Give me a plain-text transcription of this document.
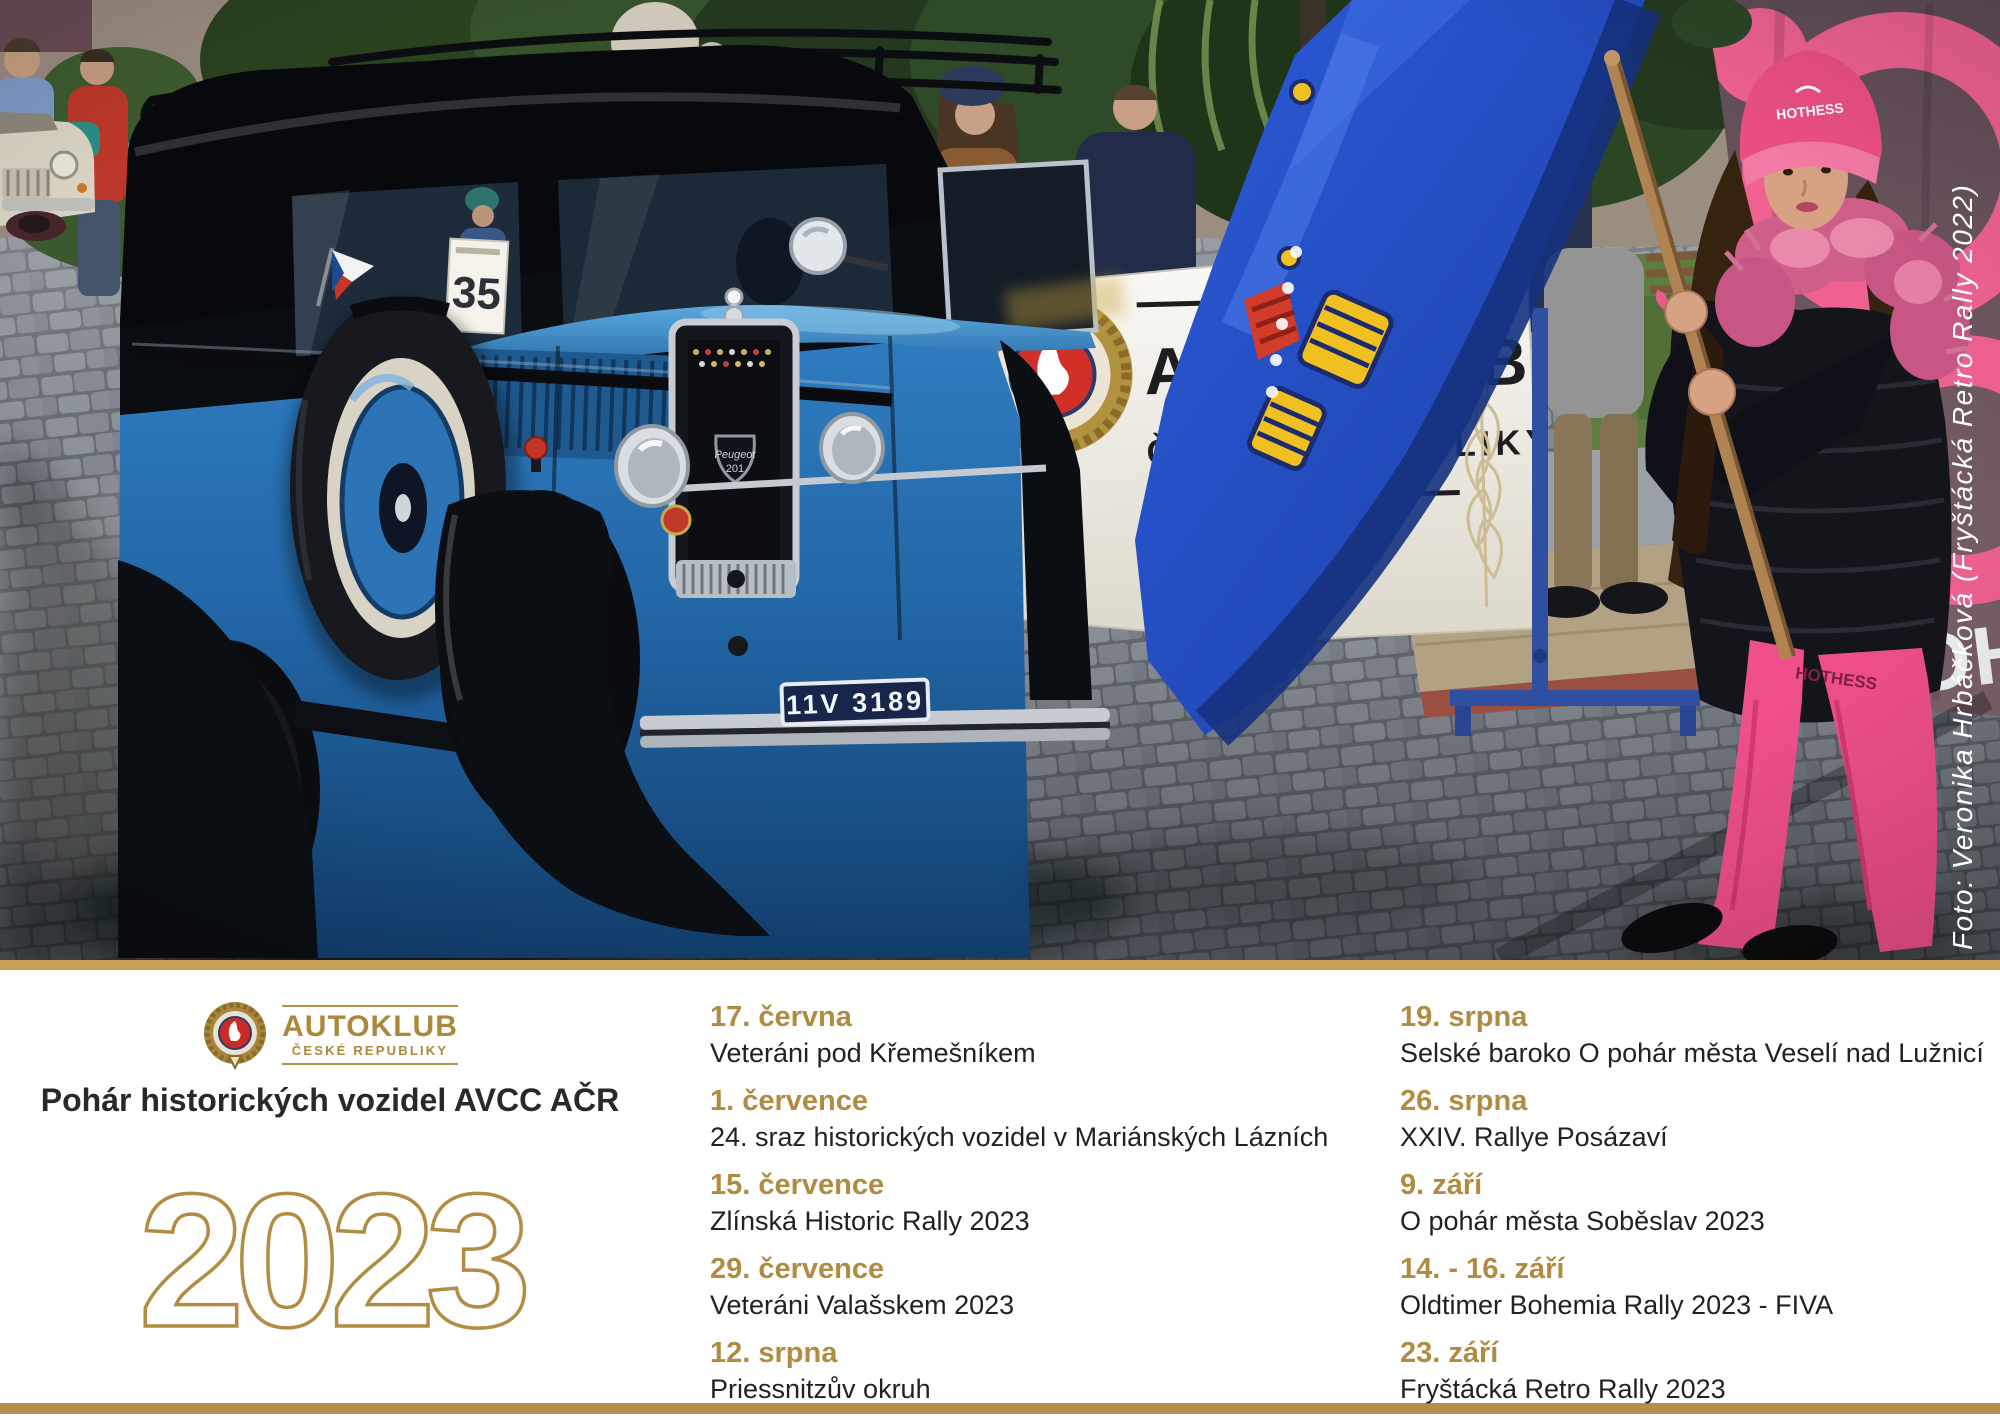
Foto: Veronika Hrbáčková (Fryštácká Retro Rally 2022)
AUTOKLUB
ČESKÉ REPUBLIKY
Pohár historických vozidel AVCC AČR
2023
17. června
Veteráni pod Křemešníkem
1. července
24. sraz historických vozidel v Mariánských Lázních
15. července
Zlínská Historic Rally 2023
29. července
Veteráni Valašskem 2023
12. srpna
Priessnitzův okruh
19. srpna
Selské baroko O pohár města Veselí nad Lužnicí
26. srpna
XXIV. Rallye Posázaví
9. září
O pohár města Soběslav 2023
14. - 16. září
Oldtimer Bohemia Rally 2023 - FIVA
23. září
Fryštácká Retro Rally 2023
